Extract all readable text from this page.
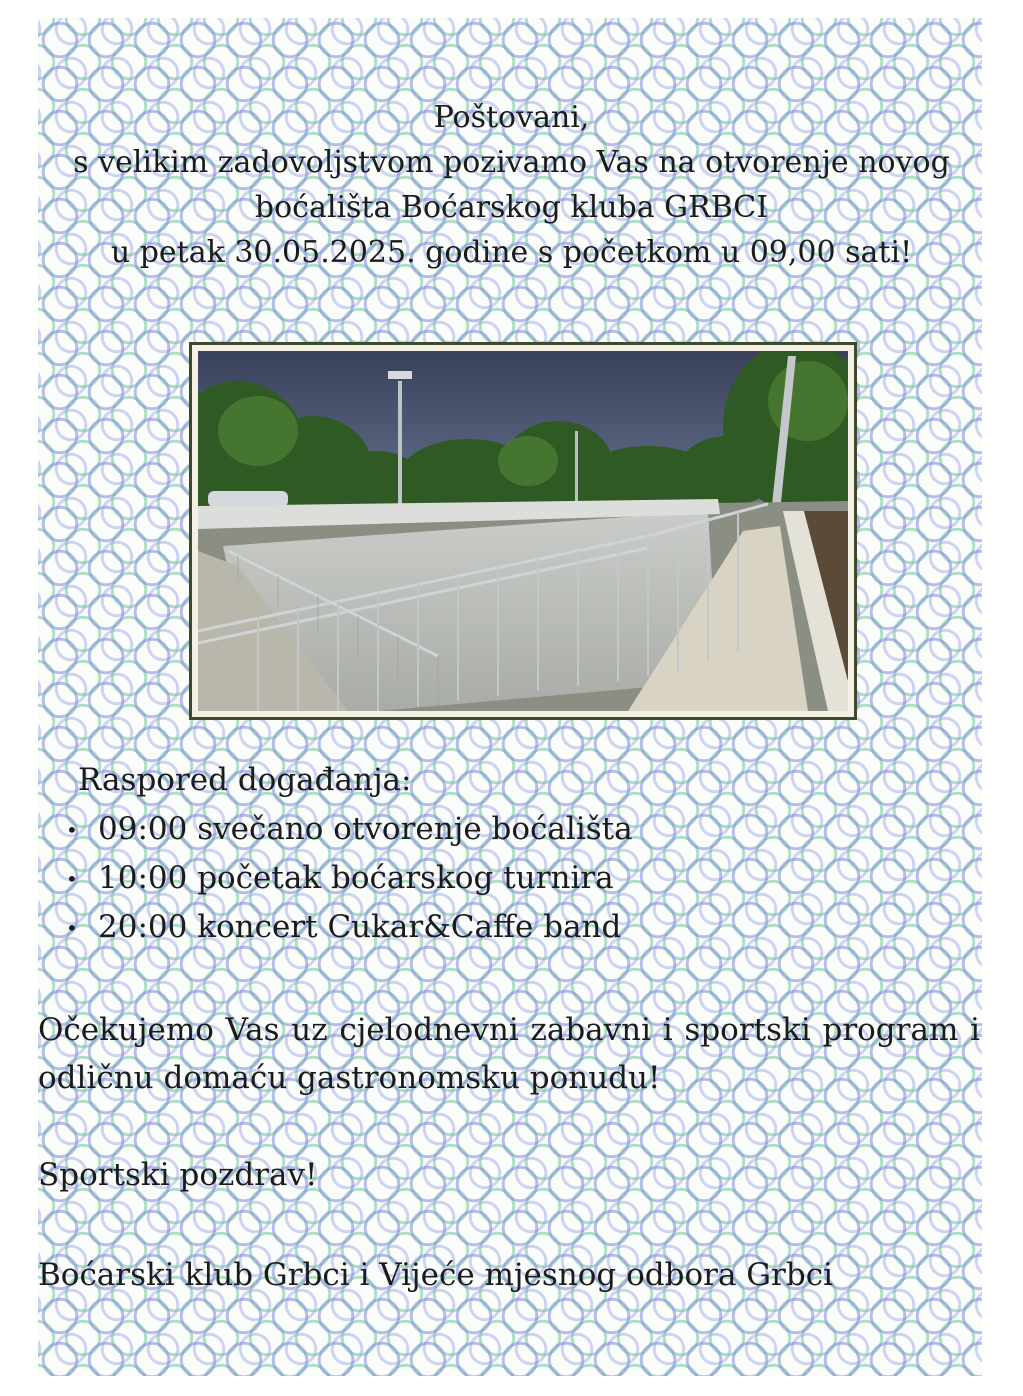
Poštovani,
s velikim zadovoljstvom pozivamo Vas na otvorenje novog
boćališta Boćarskog kluba GRBCI
u petak 30.05.2025. godine s početkom u 09,00 sati!
Raspored događanja:
• 09:00 svečano otvorenje boćališta
• 10:00 početak boćarskog turnira
• 20:00 koncert Cukar&Caffe band
Očekujemo Vas uz cjelodnevni zabavni i sportski program i odličnu domaću gastronomsku ponudu!
Sportski pozdrav!
Boćarski klub Grbci i Vijeće mjesnog odbora Grbci
